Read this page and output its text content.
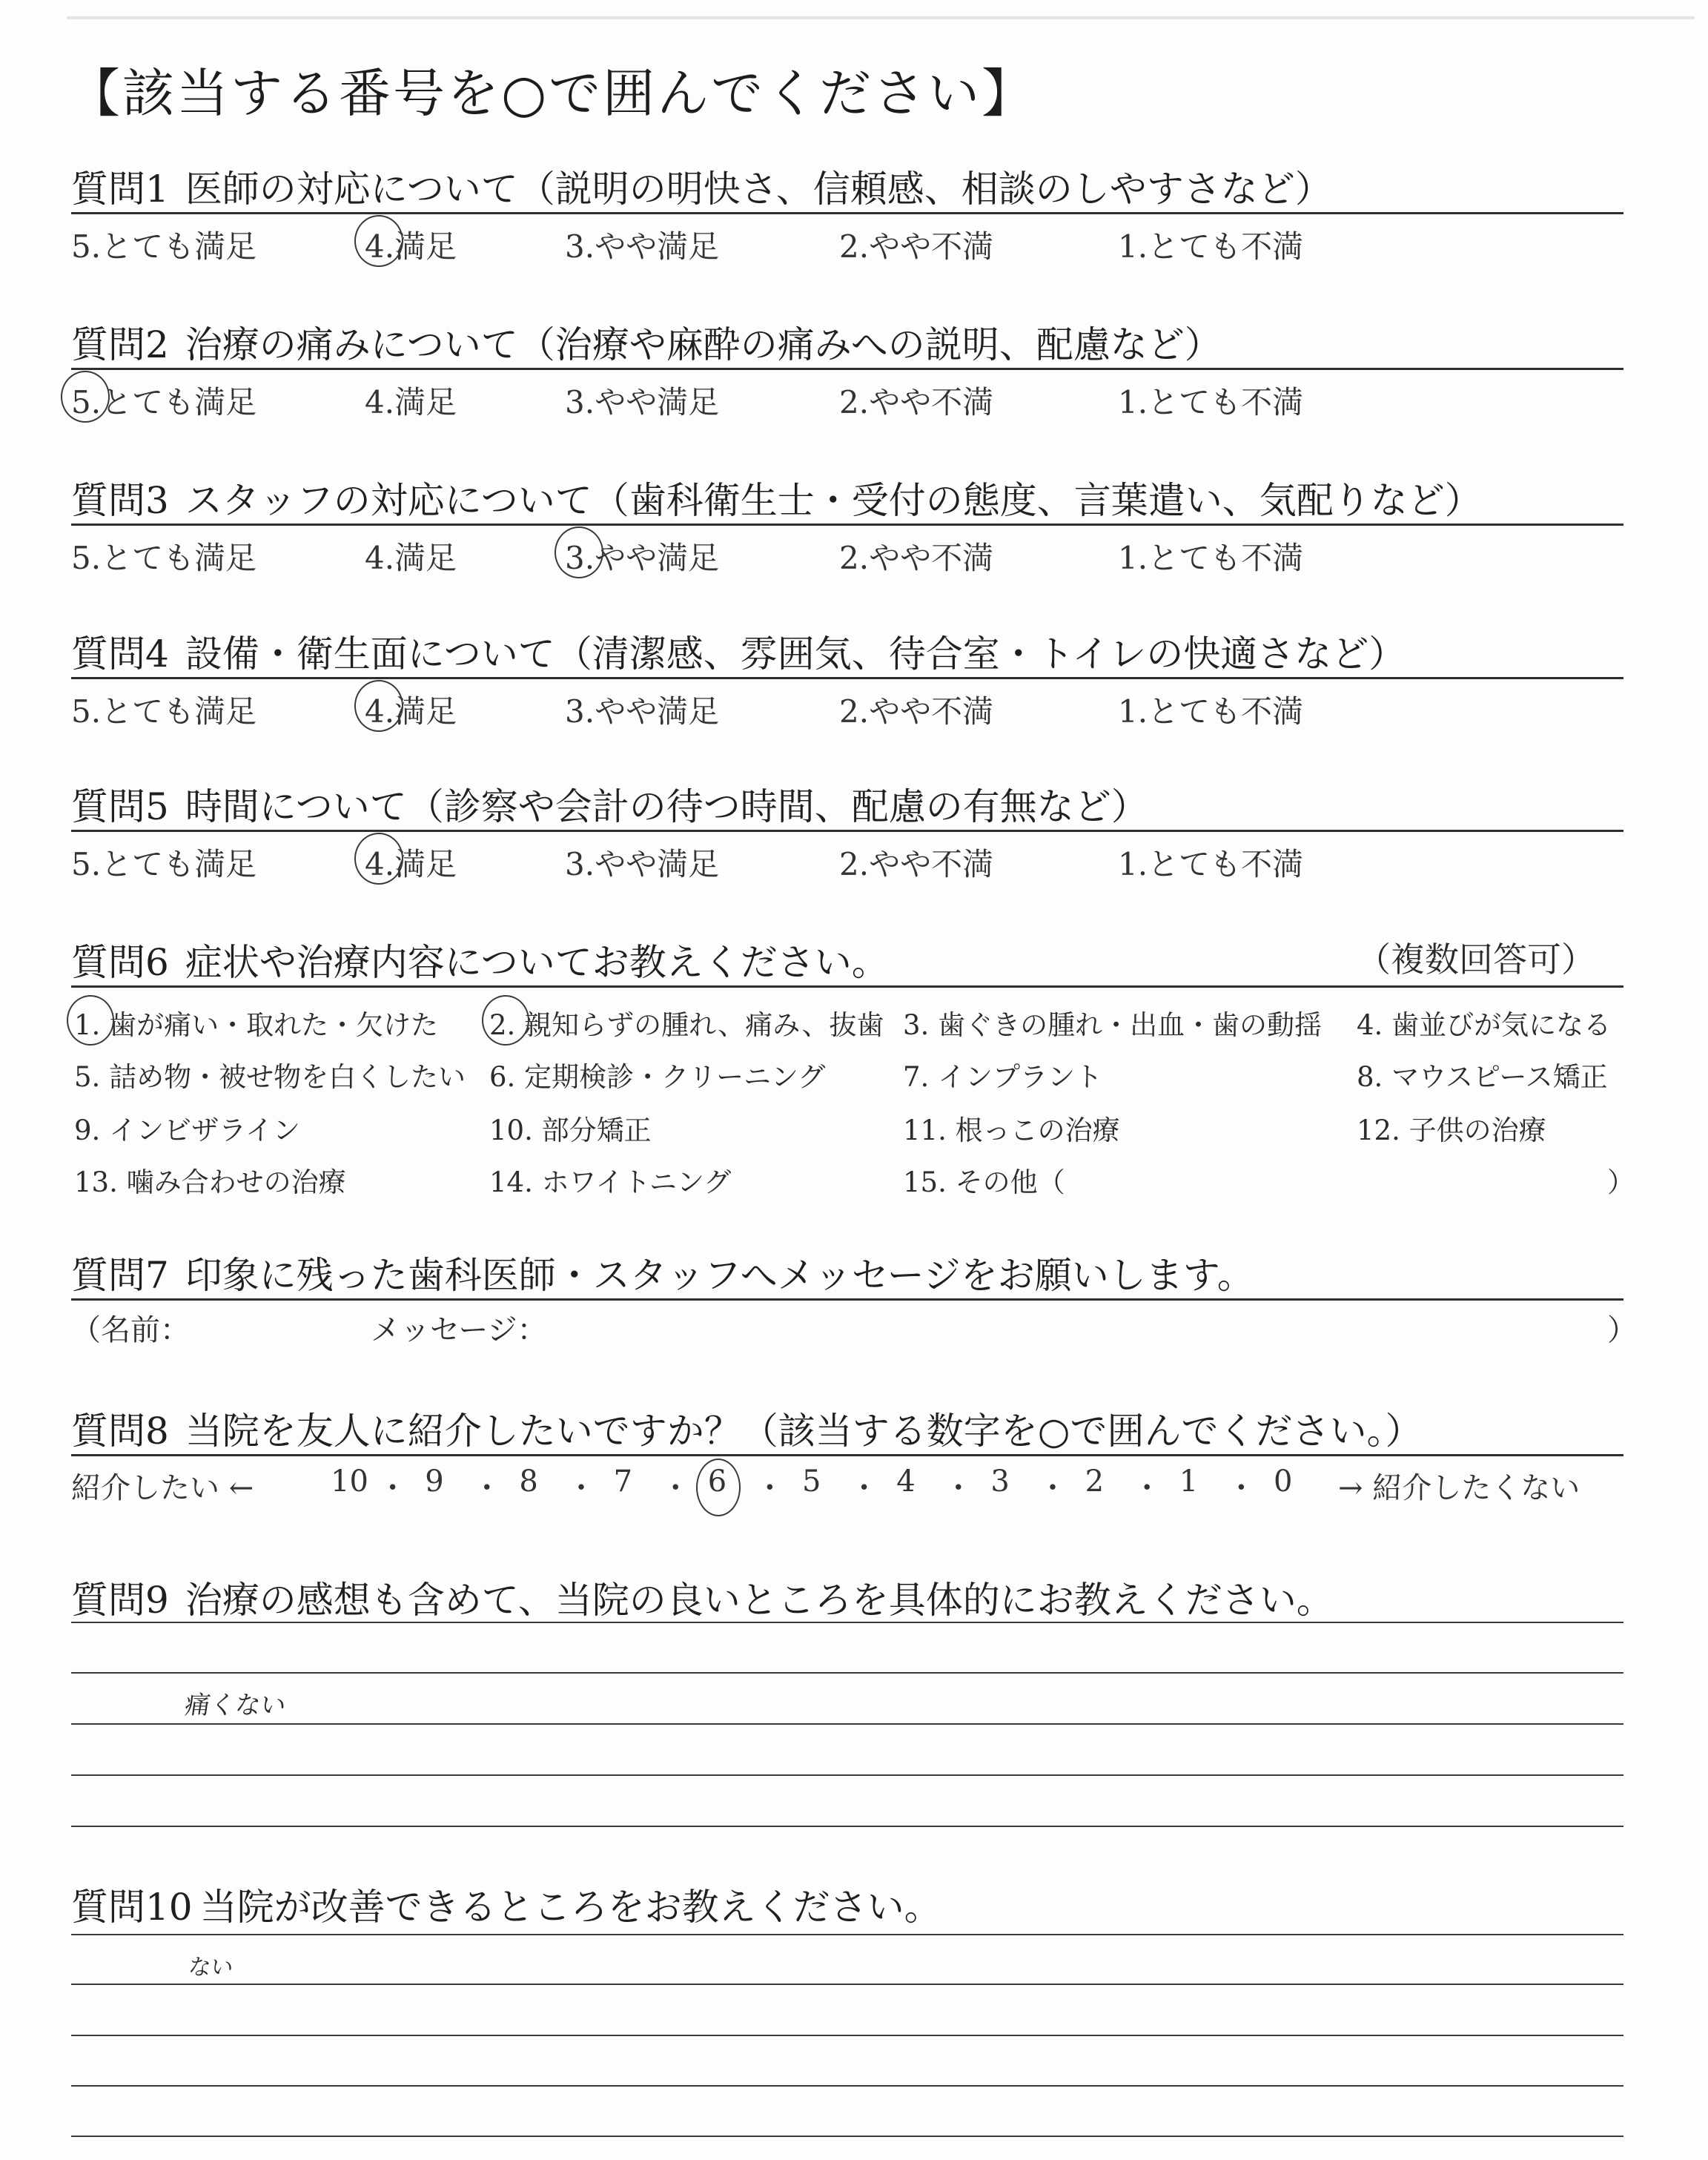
【該当する番号を○で囲んでください】
質問1 医師の対応について（説明の明快さ、信頼感、相談のしやすさなど）
5.とても満足	4.満足	3.やや満足	2.やや不満	1.とても不満
質問2 治療の痛みについて（治療や麻酔の痛みへの説明、配慮など）
5.とても満足	4.満足	3.やや満足	2.やや不満	1.とても不満
質問3 スタッフの対応について（歯科衛生士・受付の態度、言葉遣い、気配りなど）
5.とても満足	4.満足	3.やや満足	2.やや不満	1.とても不満
質問4 設備・衛生面について（清潔感、雰囲気、待合室・トイレの快適さなど）
5.とても満足	4.満足	3.やや満足	2.やや不満	1.とても不満
質問5 時間について（診察や会計の待つ時間、配慮の有無など）
5.とても満足	4.満足	3.やや満足	2.やや不満	1.とても不満
質問6 症状や治療内容についてお教えください。	（複数回答可）
1. 歯が痛い・取れた・欠けた 2. 親知らずの腫れ、痛み、抜歯 3. 歯ぐきの腫れ・出血・歯の動揺 4. 歯並びが気になる
5. 詰め物・被せ物を白くしたい 6. 定期検診・クリーニング	7. インプラント	8. マウスピース矯正
9. インビザライン	10. 部分矯正	11. 根っこの治療	12. 子供の治療
13. 噛み合わせの治療	14. ホワイトニング	15. その他（	）
質問7 印象に残った歯科医師・スタッフへメッセージをお願いします。
（名前：	メッセージ：	）
質問8 当院を友人に紹介したいですか？（該当する数字を○で囲んでください。）
紹介したい ←	10 ・ 9 ・ 8 ・ 7 ・ 6 ・ 5 ・ 4 ・ 3 ・ 2 ・ 1 ・ 0 → 紹介したくない
質問9 治療の感想も含めて、当院の良いところを具体的にお教えください。
痛くない
質問10 当院が改善できるところをお教えください。
ない
